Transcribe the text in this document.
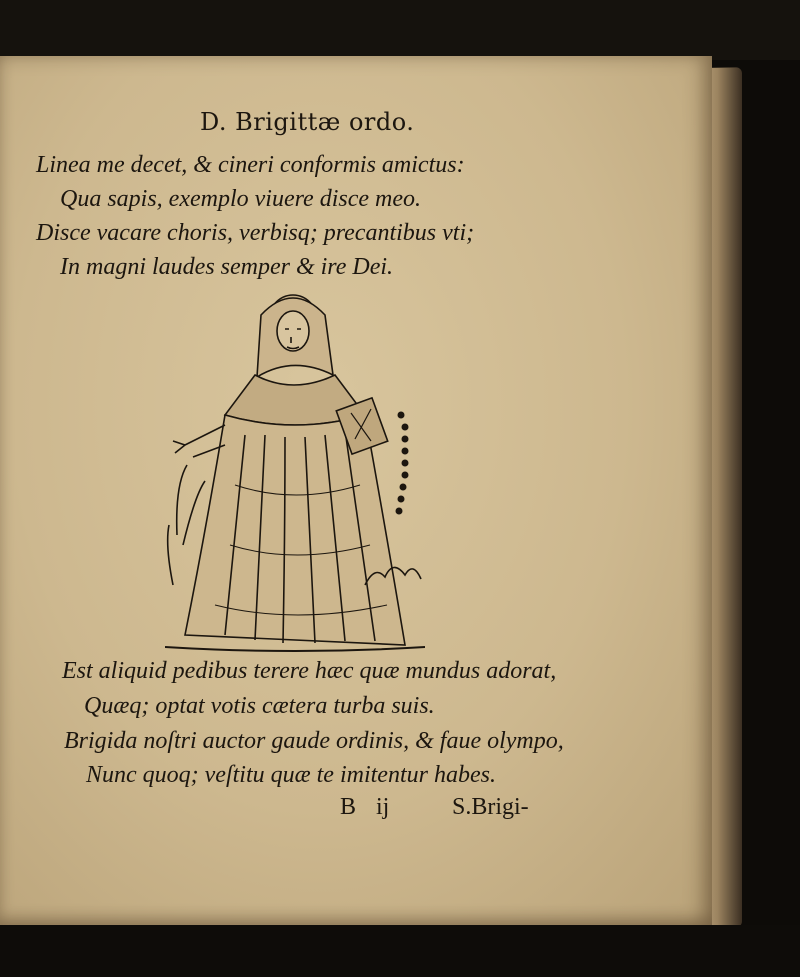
D. Brigittæ ordo.
Linea me decet, & cineri conformis amictus:
Qua sapis, exemplo viuere disce meo.
Disce vacare choris, verbisq; precantibus vti;
In magni laudes semper & ire Dei.
Est aliquid pedibus terere hæc quæ mundus adorat,
Quæq; optat votis cætera turba suis.
Brigida noſtri auctor gaude ordinis, & faue olympo,
Nunc quoq; veſtitu quæ te imitentur habes.
B ij	S.Brigi-
